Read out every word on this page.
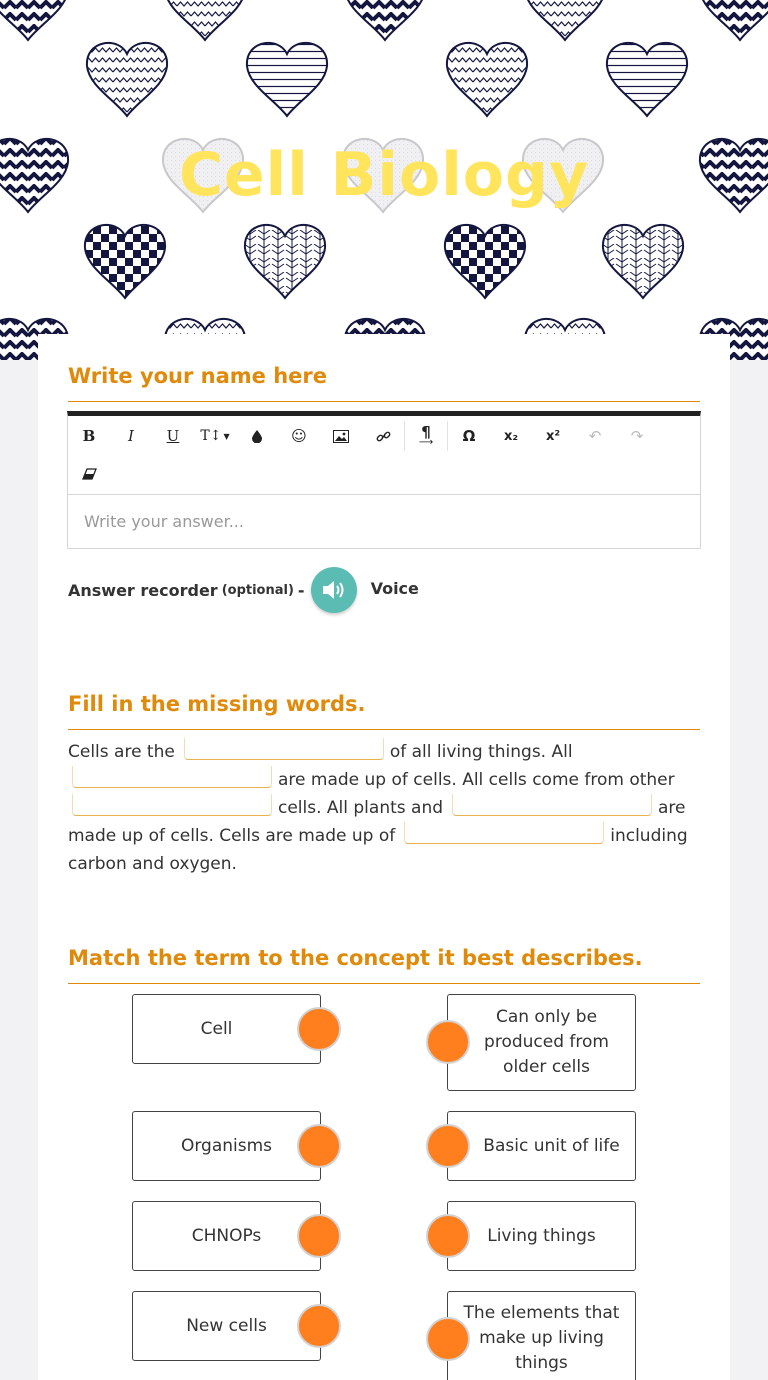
Cell Biology
Write your name here
B I U T↕ ▼	☺	¶
⟶ Ω x₂ x² ↶ ↷
Write your answer...
Answer recorder (optional) -	Voice
Fill in the missing words.
Cells are the	of all living things. All
are made up of cells. All cells come from other
cells. All plants and	are
made up of cells. Cells are made up of	including
carbon and oxygen.
Match the term to the concept it best describes.
Cell
Organisms
CHNOPs
New cells
Can only be produced from older cells
Basic unit of life
Living things
The elements that make up living things
